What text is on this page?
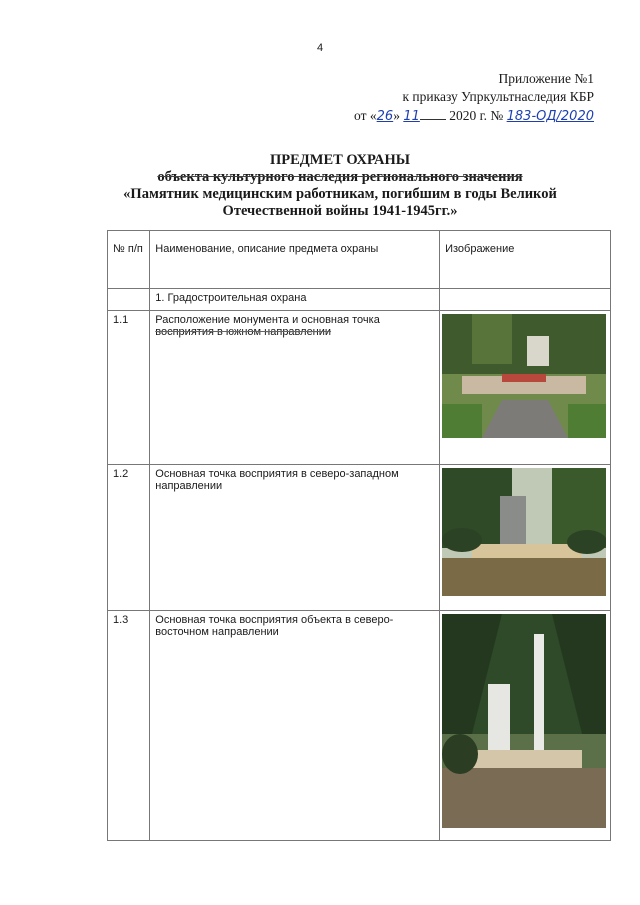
4
Приложение №1
к приказу Упркультнаследия КБР
от «26» 11 2020 г. № 183-ОД/2020
ПРЕДМЕТ ОХРАНЫ
объекта культурного наследия регионального значения
«Памятник медицинским работникам, погибшим в годы Великой
Отечественной войны 1941-1945гг.»
№ п/п	Наименование, описание предмета охраны	Изображение
	1. Градостроительная охрана	
1.1	Расположение монумента и основная точка
восприятия в южном направлении

1.2	Основная точка восприятия в северо-западном
направлении

1.3	Основная точка восприятия объекта в северо-
восточном направлении
